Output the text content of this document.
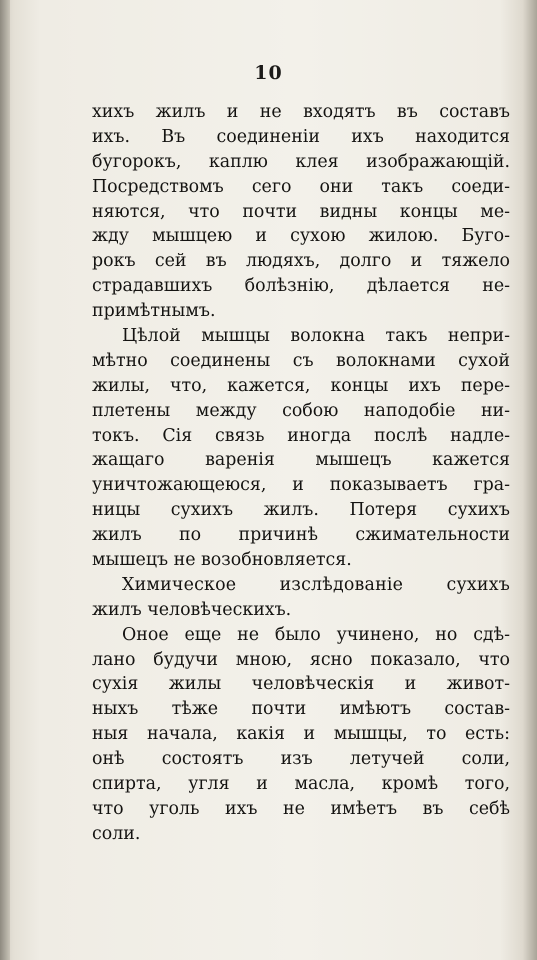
10
хихъ жилъ и не входятъ въ составъ
ихъ. Въ соединеніи ихъ находится
бугорокъ, каплю клея изображающій.
Посредствомъ сего они такъ соеди-
няются, что почти видны концы ме-
жду мышцею и сухою жилою. Буго-
рокъ сей въ людяхъ, долго и тяжело
страдавшихъ болѣзнію, дѣлается не-
примѣтнымъ.
Цѣлой мышцы волокна такъ непри-
мѣтно соединены съ волокнами сухой
жилы, что, кажется, концы ихъ пере-
плетены между собою наподобіе ни-
токъ. Сія связь иногда послѣ надле-
жащаго варенія мышецъ кажется
уничтожающеюся, и показываетъ гра-
ницы сухихъ жилъ. Потеря сухихъ
жилъ по причинѣ сжимательности
мышецъ не возобновляется.
Химическое изслѣдованіе сухихъ
жилъ человѣческихъ.
Оное еще не было учинено, но сдѣ-
лано будучи мною, ясно показало, что
сухія жилы человѣческія и живот-
ныхъ тѣже почти имѣютъ состав-
ныя начала, какія и мышцы, то есть:
онѣ состоятъ изъ летучей соли,
спирта, угля и масла, кромѣ того,
что уголь ихъ не имѣетъ въ себѣ
соли.
